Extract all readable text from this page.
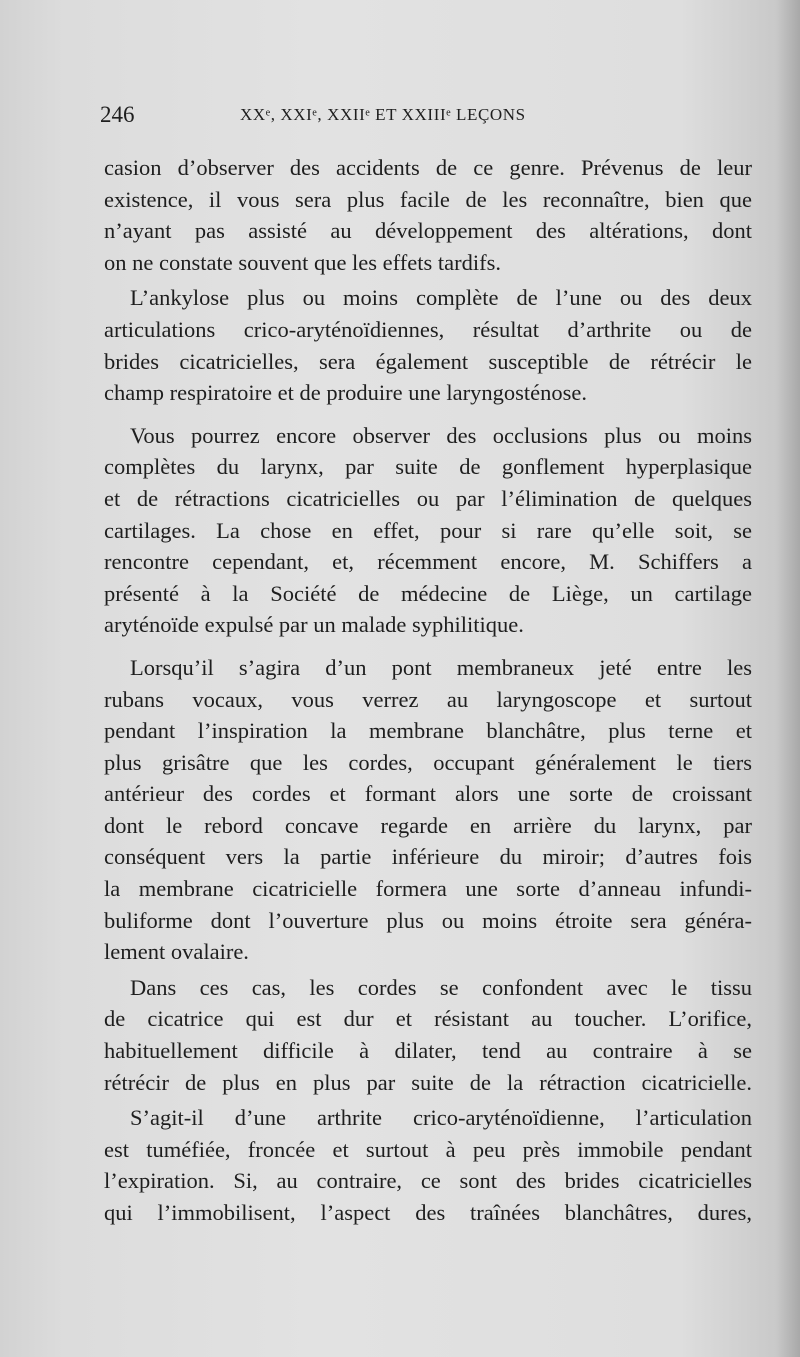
246	XXᵉ, XXIᵉ, XXIIᵉ ET XXIIIᵉ LEÇONS

casion d’observer des accidents de ce genre. Prévenus de leur
existence, il vous sera plus facile de les reconnaître, bien que
n’ayant pas assisté au développement des altérations, dont
on ne constate souvent que les effets tardifs.

L’ankylose plus ou moins complète de l’une ou des deux
articulations crico-aryténoïdiennes, résultat d’arthrite ou de
brides cicatricielles, sera également susceptible de rétrécir le
champ respiratoire et de produire une laryngosténose.

Vous pourrez encore observer des occlusions plus ou moins
complètes du larynx, par suite de gonflement hyperplasique
et de rétractions cicatricielles ou par l’élimination de quelques
cartilages. La chose en effet, pour si rare qu’elle soit, se
rencontre cependant, et, récemment encore, M. Schiffers a
présenté à la Société de médecine de Liège, un cartilage
aryténoïde expulsé par un malade syphilitique.

Lorsqu’il s’agira d’un pont membraneux jeté entre les
rubans vocaux, vous verrez au laryngoscope et surtout
pendant l’inspiration la membrane blanchâtre, plus terne et
plus grisâtre que les cordes, occupant généralement le tiers
antérieur des cordes et formant alors une sorte de croissant
dont le rebord concave regarde en arrière du larynx, par
conséquent vers la partie inférieure du miroir; d’autres fois
la membrane cicatricielle formera une sorte d’anneau infundi-
buliforme dont l’ouverture plus ou moins étroite sera généra-
lement ovalaire.

Dans ces cas, les cordes se confondent avec le tissu
de cicatrice qui est dur et résistant au toucher. L’orifice,
habituellement difficile à dilater, tend au contraire à se
rétrécir de plus en plus par suite de la rétraction cicatricielle.

S’agit-il d’une arthrite crico-aryténoïdienne, l’articulation
est tuméfiée, froncée et surtout à peu près immobile pendant
l’expiration. Si, au contraire, ce sont des brides cicatricielles
qui l’immobilisent, l’aspect des traînées blanchâtres, dures,
